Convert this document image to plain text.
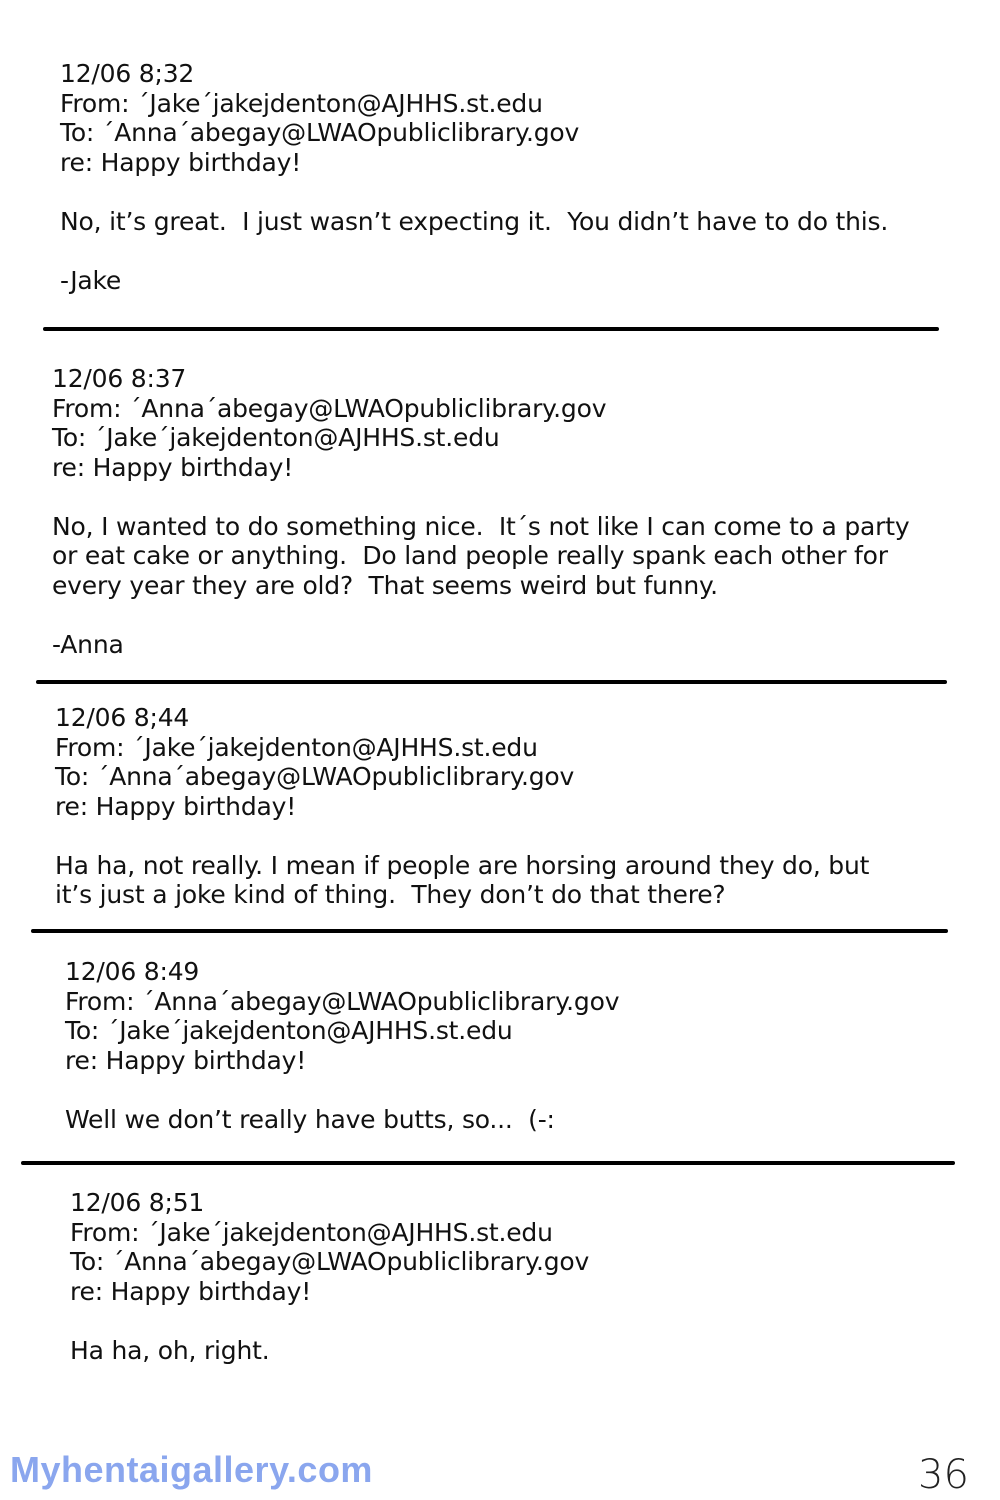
12/06 8;32

From: ´Jake´jakejdenton@AJHHS.st.edu

To: ´Anna´abegay@LWAOpubliclibrary.gov

re: Happy birthday!

No, it’s great.  I just wasn’t expecting it.  You didn’t have to do this.

-Jake

12/06 8:37

From: ´Anna´abegay@LWAOpubliclibrary.gov

To: ´Jake´jakejdenton@AJHHS.st.edu

re: Happy birthday!

No, I wanted to do something nice.  It´s not like I can come to a party

or eat cake or anything.  Do land people really spank each other for

every year they are old?  That seems weird but funny.

-Anna

12/06 8;44

From: ´Jake´jakejdenton@AJHHS.st.edu

To: ´Anna´abegay@LWAOpubliclibrary.gov

re: Happy birthday!

Ha ha, not really. I mean if people are horsing around they do, but

it’s just a joke kind of thing.  They don’t do that there?

12/06 8:49

From: ´Anna´abegay@LWAOpubliclibrary.gov

To: ´Jake´jakejdenton@AJHHS.st.edu

re: Happy birthday!

Well we don’t really have butts, so...  (-:

12/06 8;51

From: ´Jake´jakejdenton@AJHHS.st.edu

To: ´Anna´abegay@LWAOpubliclibrary.gov

re: Happy birthday!

Ha ha, oh, right.

Myhentaigallery.com	36
